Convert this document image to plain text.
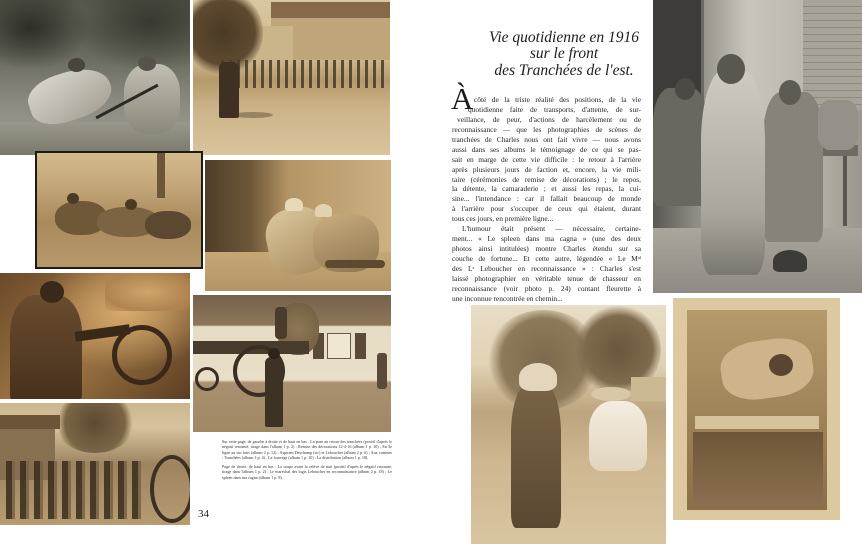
Sur cette page, de gauche à droite et de haut en bas : La pose au retour des tranchées (positif d'après le négatif retourné, tirage dans l'album 1 p. 2) ; Remise des décorations 12-4-16 (album 1 p. 10) ; En 3e ligne au vin frais (album 2 p. 12) ; Aspirant Deschamp (sic) et Leboucher (album 2 p. 6) ; Aux cuisines : Tranchées (album 1 p. 4) ; Le fourrage (album 1 p. 10) ; La distribution (album 1 p. 18).

Page de droite, de haut en bas : La soupe avant la relève de nuit (positif d'après le négatif retourné, tirage dans l'album 1 p. 2) ; Le maréchal des logis Leboucher en reconnaissance (album 2 p. 18) ; Le spleen dans ma cagna (album 1 p. 8).

34
Vie quotidienne en 1916
sur le front
des Tranchées de l'est.
À côté de la triste réalité des positions, de la vie
quotidienne faite de transports, d'attente, de sur-
veillance, de peur, d'actions de harcèlement ou de
reconnaissance — que les photographies de scènes de
tranchées de Charles nous ont fait vivre — nous avons
aussi dans ses albums le témoignage de ce qui se pas-
sait en marge de cette vie difficile : le retour à l'arrière
après plusieurs jours de faction et, encore, la vie mili-
taire (cérémonies de remise de décorations) ; le repos,
la détente, la camaraderie ; et aussi les repas, la cui-
sine... l'intendance : car il fallait beaucoup de monde
à l'arrière pour s'occuper de ceux qui étaient, durant
tous ces jours, en première ligne...
L'humour était présent — nécessaire, certaine-
ment... « Le spleen dans ma cagna » (une des deux
photos ainsi intitulées) montre Charles étendu sur sa
couche de fortune... Et cette autre, légendée « Le $M^{al}$
des $L^s$ Leboucher en reconnaissance » : Charles s'est
laissé photographier en véritable tenue de chasseur en
reconnaissance (voir photo p. 24) contant fleurette à
une inconnue rencontrée en chemin...
